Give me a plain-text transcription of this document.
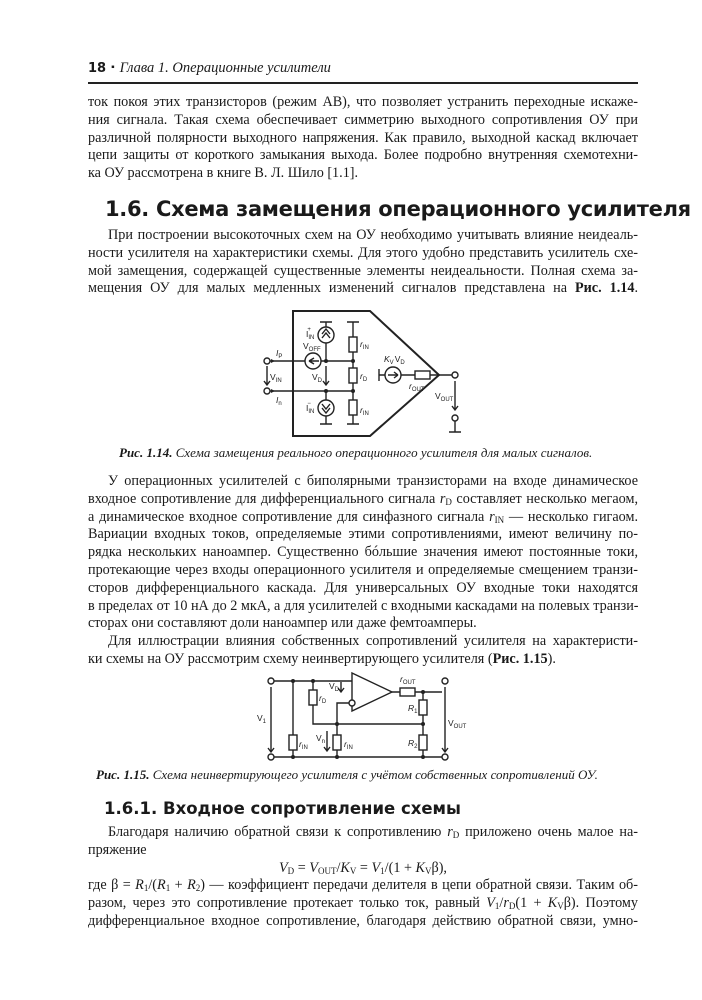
18 ▪ Глава 1. Операционные усилители
ток покоя этих транзисторов (режим AB), что позволяет устранить переходные искаже-
ния сигнала. Такая схема обеспечивает симметрию выходного сопротивления ОУ при
различной полярности выходного напряжения. Как правило, выходной каскад включает
цепи защиты от короткого замыкания выхода. Более подробно внутренняя схемотехни-
ка ОУ рассмотрена в книге В. Л. Шило [1.1].
1.6. Схема замещения операционного усилителя
При построении высокоточных схем на ОУ необходимо учитывать влияние неидеаль-
ности усилителя на характеристики схемы. Для этого удобно представить усилитель схе-
мой замещения, содержащей существенные элементы неидеальности. Полная схема за-
мещения ОУ для малых медленных изменений сигналов представлена на Рис. 1.14.
$I_P$
$V_{OFF}$
$I_{IN}+$
$r_{IN}$
$V_{IN}$	$V_D$	$r_D$
$K_VV_D$
$r_{OUT}$
$I_n$	$I_{IN}-$
$r_{IN}$
$V_{OUT}$
$V_1$
$r_{IN}$
$r_D$
$V_D$
$V_n$ $r_{IN}$
$r_{OUT}$
$R_1$
$R_2$
$V_{OUT}$
Рис. 1.14. Схема замещения реального операционного усилителя для малых сигналов.
У операционных усилителей с биполярными транзисторами на входе динамическое
входное сопротивление для дифференциального сигнала rD составляет несколько мегаом,
а динамическое входное сопротивление для синфазного сигнала rIN — несколько гигаом.
Вариации входных токов, определяемые этими сопротивлениями, имеют величину по-
рядка нескольких наноампер. Существенно бóльшие значения имеют постоянные токи,
протекающие через входы операционного усилителя и определяемые смещением транзи-
сторов дифференциального каскада. Для универсальных ОУ входные токи находятся
в пределах от 10 нА до 2 мкА, а для усилителей с входными каскадами на полевых транзи-
сторах они составляют доли наноампер или даже фемтоамперы.
Для иллюстрации влияния собственных сопротивлений усилителя на характеристи-
ки схемы на ОУ рассмотрим схему неинвертирующего усилителя (Рис. 1.15).
Рис. 1.15. Схема неинвертирующего усилителя с учётом собственных сопротивлений ОУ.
1.6.1. Входное сопротивление схемы
Благодаря наличию обратной связи к сопротивлению rD приложено очень малое на-
пряжение
VD = VOUT/KV = V1/(1 + KVβ),
где β = R1/(R1 + R2) — коэффициент передачи делителя в цепи обратной связи. Таким об-
разом, через это сопротивление протекает только ток, равный V1/rD(1 + KVβ). Поэтому
дифференциальное входное сопротивление, благодаря действию обратной связи, умно-
